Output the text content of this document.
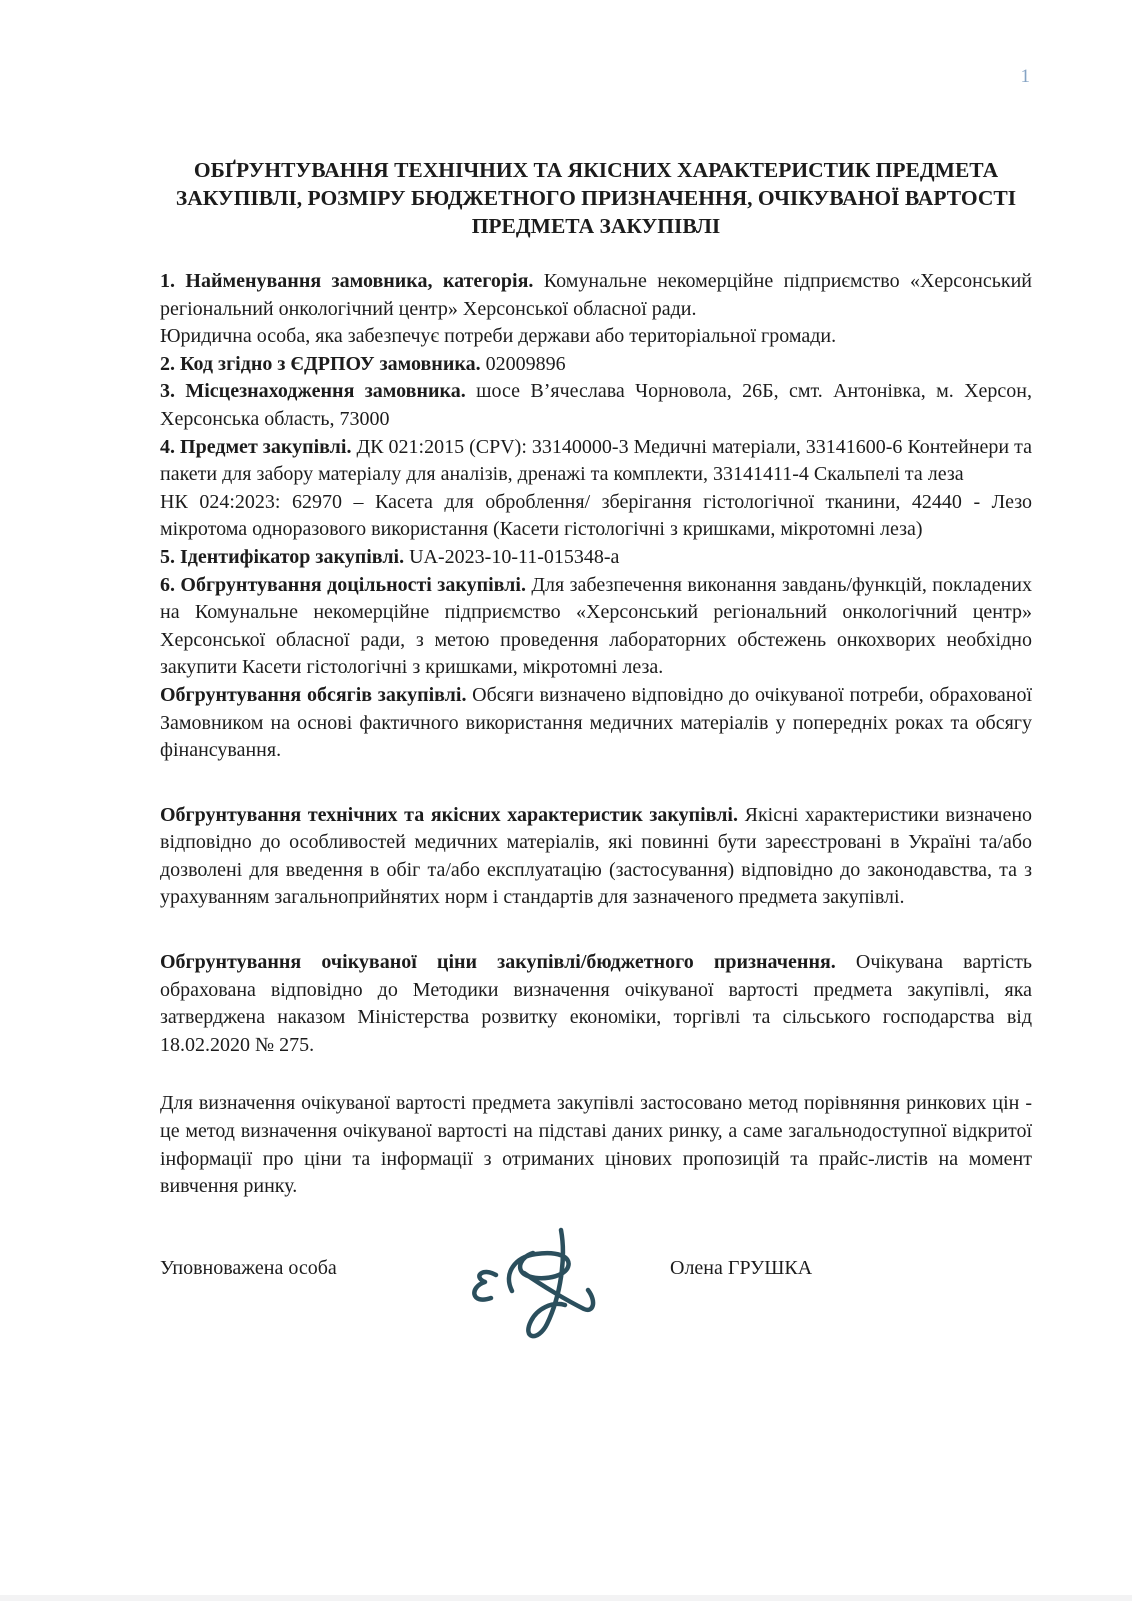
1
ОБҐРУНТУВАННЯ ТЕХНІЧНИХ ТА ЯКІСНИХ ХАРАКТЕРИСТИК ПРЕДМЕТА ЗАКУПІВЛІ, РОЗМІРУ БЮДЖЕТНОГО ПРИЗНАЧЕННЯ, ОЧІКУВАНОЇ ВАРТОСТІ ПРЕДМЕТА ЗАКУПІВЛІ

1. Найменування замовника, категорія. Комунальне некомерційне підприємство «Херсонський регіональний онкологічний центр» Херсонської обласної ради.

Юридична особа, яка забезпечує потреби держави або територіальної громади.

2. Код згідно з ЄДРПОУ замовника. 02009896

3. Місцезнаходження замовника. шосе В’ячеслава Чорновола, 26Б, смт. Антонівка, м. Херсон, Херсонська область, 73000

4. Предмет закупівлі. ДК 021:2015 (CPV): 33140000-3 Медичні матеріали, 33141600-6 Контейнери та пакети для забору матеріалу для аналізів, дренажі та комплекти, 33141411-4 Скальпелі та леза

НК 024:2023: 62970 – Касета для оброблення/ зберігання гістологічної тканини, 42440 - Лезо мікротома одноразового використання (Касети гістологічні з кришками, мікротомні леза)

5. Ідентифікатор закупівлі. UA-2023-10-11-015348-a

6. Обгрунтування доцільності закупівлі. Для забезпечення виконання завдань/функцій, покладених на Комунальне некомерційне підприємство «Херсонський регіональний онкологічний центр» Херсонської обласної ради, з метою проведення лабораторних обстежень онкохворих необхідно закупити Касети гістологічні з кришками, мікротомні леза.

Обгрунтування обсягів закупівлі. Обсяги визначено відповідно до очікуваної потреби, обрахованої Замовником на основі фактичного використання медичних матеріалів у попередніх роках та обсягу фінансування.

Обгрунтування технічних та якісних характеристик закупівлі. Якісні характеристики визначено відповідно до особливостей медичних матеріалів, які повинні бути зареєстровані в Україні та/або дозволені для введення в обіг та/або експлуатацію (застосування) відповідно до законодавства, та з урахуванням загальноприйнятих норм і стандартів для зазначеного предмета закупівлі.

Обгрунтування очікуваної ціни закупівлі/бюджетного призначення. Очікувана вартість обрахована відповідно до Методики визначення очікуваної вартості предмета закупівлі, яка затверджена наказом Міністерства розвитку економіки, торгівлі та сільського господарства від 18.02.2020 № 275.

Для визначення очікуваної вартості предмета закупівлі застосовано метод порівняння ринкових цін - це метод визначення очікуваної вартості на підставі даних ринку, а саме загальнодоступної відкритої інформації про ціни та інформації з отриманих цінових пропозицій та прайс-листів на момент вивчення ринку.

Уповноважена особа	Олена ГРУШКА
